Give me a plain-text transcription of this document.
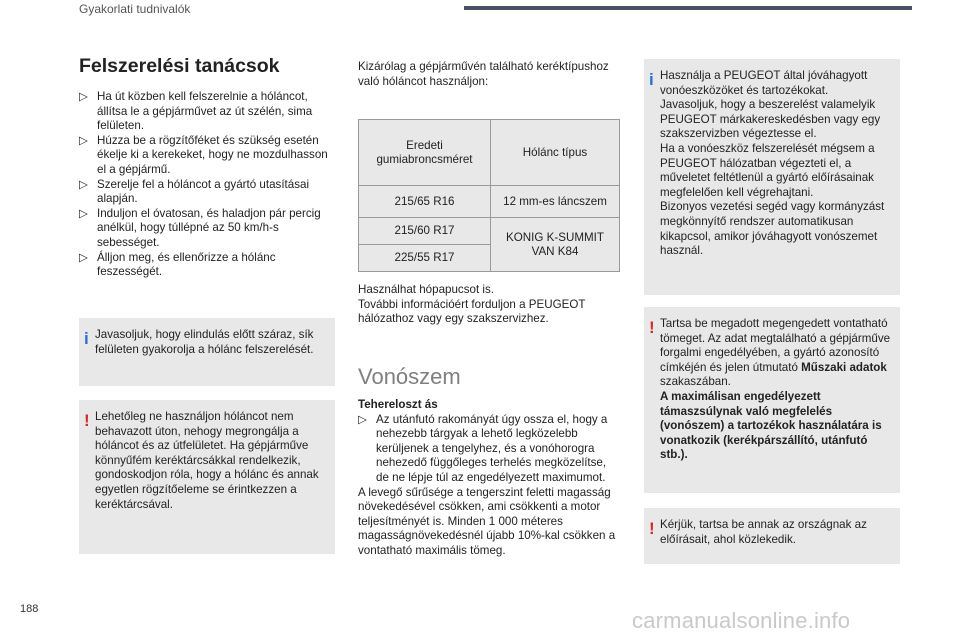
Gyakorlati tudnivalók
Felszerelési tanácsok
▷ Ha út közben kell felszerelnie a hóláncot, állítsa le a gépjárművet az út szélén, sima felületen.
▷ Húzza be a rögzítőféket és szükség esetén ékelje ki a kerekeket, hogy ne mozdulhasson el a gépjármű.
▷ Szerelje fel a hóláncot a gyártó utasításai alapján.
▷ Induljon el óvatosan, és haladjon pár percig anélkül, hogy túllépné az 50 km/h-s sebességet.
▷ Álljon meg, és ellenőrizze a hólánc feszességét.
i Javasoljuk, hogy elindulás előtt száraz, sík felületen gyakorolja a hólánc felszerelését.
! Lehetőleg ne használjon hóláncot nem behavazott úton, nehogy megrongálja a hóláncot és az útfelületet. Ha gépjárműve könnyűfém keréktárcsákkal rendelkezik, gondoskodjon róla, hogy a hólánc és annak egyetlen rögzítőeleme se érintkezzen a keréktárcsával.
Kizárólag a gépjárművén található keréktípushoz való hóláncot használjon:
Eredeti gumiabroncsméret	Hólánc típus
215/65 R16	12 mm-es láncszem
215/60 R17	KONIG K-SUMMIT VAN K84
225/55 R17	
Használhat hópapucsot is.
További információért forduljon a PEUGEOT hálózathoz vagy egy szakszervizhez.
Vonószem
Tehereloszt ás
▷ Az utánfutó rakományát úgy ossza el, hogy a nehezebb tárgyak a lehető legközelebb kerüljenek a tengelyhez, és a vonóhorogra nehezedő függőleges terhelés megközelítse, de ne lépje túl az engedélyezett maximumot.
A levegő sűrűsége a tengerszint feletti magasság növekedésével csökken, ami csökkenti a motor teljesítményét is. Minden 1 000 méteres magasságnövekedésnél újabb 10%-kal csökken a vontatható maximális tömeg.
i Használja a PEUGEOT által jóváhagyott vonóeszközöket és tartozékokat.
Javasoljuk, hogy a beszerelést valamelyik PEUGEOT márkakereskedésben vagy egy szakszervizben végeztesse el.
Ha a vonóeszköz felszerelését mégsem a PEUGEOT hálózatban végezteti el, a műveletet feltétlenül a gyártó előírásainak megfelelően kell végrehajtani.
Bizonyos vezetési segéd vagy kormányzást megkönnyítő rendszer automatikusan kikapcsol, amikor jóváhagyott vonószemet használ.
! Tartsa be megadott megengedett vontatható tömeget. Az adat megtalálható a gépjárműve forgalmi engedélyében, a gyártó azonosító címkéjén és jelen útmutató Műszaki adatok szakaszában.
A maximálisan engedélyezett támaszsúlynak való megfelelés (vonószem) a tartozékok használatára is vonatkozik (kerékpárszállító, utánfutó stb.).
! Kérjük, tartsa be annak az országnak az előírásait, ahol közlekedik.
188	carmanualsonline.info
